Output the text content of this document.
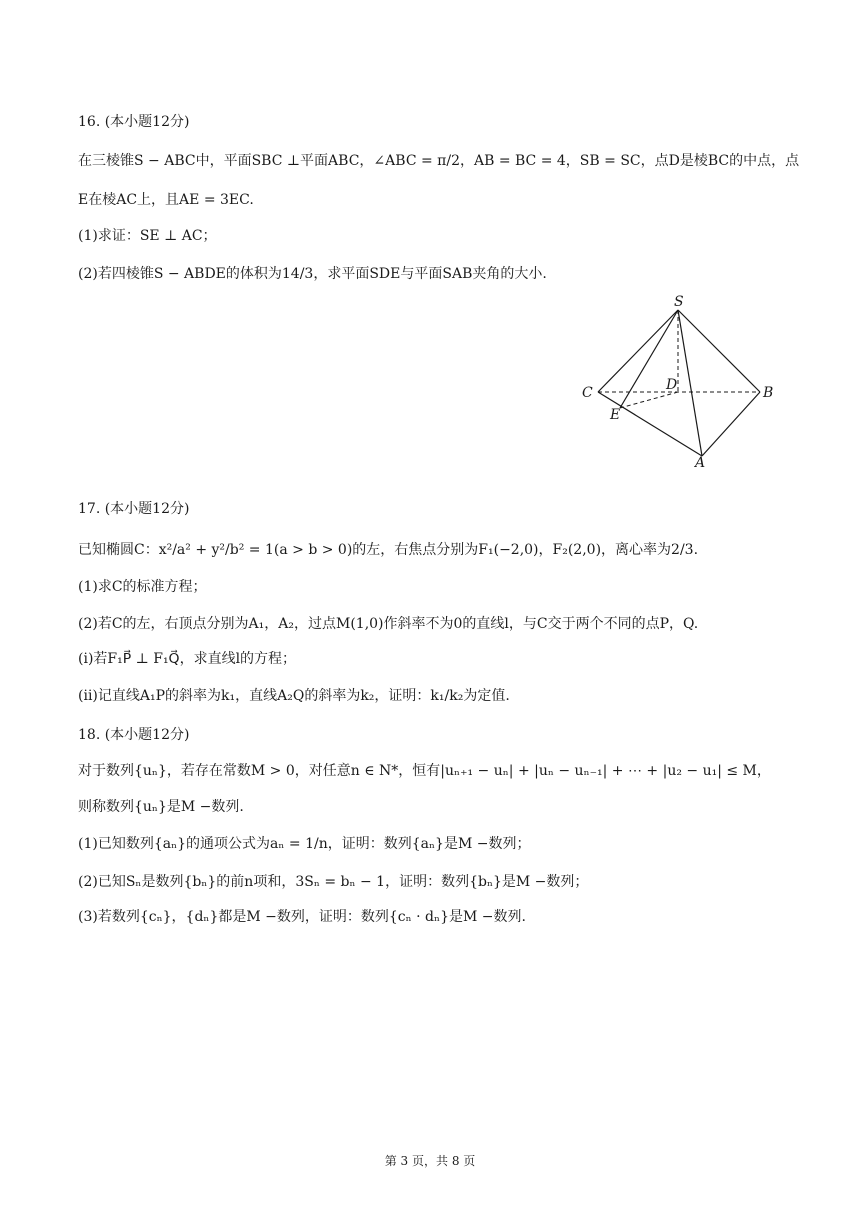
16. (本小题12分)
在三棱锥S − ABC中，平面SBC ⊥平面ABC，∠ABC = π/2，AB = BC = 4，SB = SC，点D是棱BC的中点，点
E在棱AC上，且AE = 3EC.
(1)求证：SE ⊥ AC；
(2)若四棱锥S − ABDE的体积为14/3，求平面SDE与平面SAB夹角的大小.
S
C	D	B
E
A
17. (本小题12分)
已知椭圆C：x²/a² + y²/b² = 1(a > b > 0)的左，右焦点分别为F₁(−2,0)，F₂(2,0)，离心率为2/3.
(1)求C的标准方程；
(2)若C的左，右顶点分别为A₁，A₂，过点M(1,0)作斜率不为0的直线l，与C交于两个不同的点P，Q.
(ⅰ)若F₁P⃗ ⊥ F₁Q⃗，求直线l的方程；
(ⅱ)记直线A₁P的斜率为k₁，直线A₂Q的斜率为k₂，证明：k₁/k₂为定值.
18. (本小题12分)
对于数列{uₙ}，若存在常数M > 0，对任意n ∈ N*，恒有|uₙ₊₁ − uₙ| + |uₙ − uₙ₋₁| + ⋯ + |u₂ − u₁| ≤ M，
则称数列{uₙ}是M −数列.
(1)已知数列{aₙ}的通项公式为aₙ = 1/n，证明：数列{aₙ}是M −数列；
(2)已知Sₙ是数列{bₙ}的前n项和，3Sₙ = bₙ − 1，证明：数列{bₙ}是M −数列；
(3)若数列{cₙ}，{dₙ}都是M −数列，证明：数列{cₙ · dₙ}是M −数列.
第 3 页，共 8 页
